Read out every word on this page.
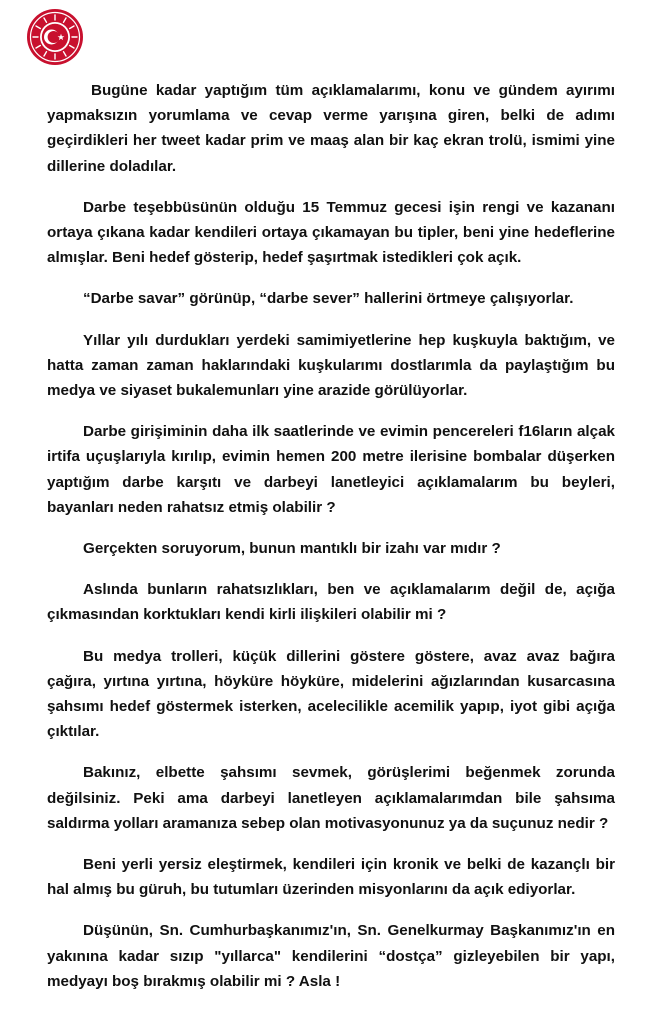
Bugüne kadar yaptığım tüm açıklamalarımı, konu ve gündem ayırımı yapmaksızın yorumlama ve cevap verme yarışına giren, belki de adımı geçirdikleri her tweet kadar prim ve maaş alan bir kaç ekran trolü, ismimi yine dillerine doladılar.

Darbe teşebbüsünün olduğu 15 Temmuz gecesi işin rengi ve kazananı ortaya çıkana kadar kendileri ortaya çıkamayan bu tipler, beni yine hedeflerine almışlar. Beni hedef gösterip, hedef şaşırtmak istedikleri çok açık.

“Darbe savar” görünüp, “darbe sever” hallerini örtmeye çalışıyorlar.

Yıllar yılı durdukları yerdeki samimiyetlerine hep kuşkuyla baktığım, ve hatta zaman zaman haklarındaki kuşkularımı dostlarımla da paylaştığım bu medya ve siyaset bukalemunları yine arazide görülüyorlar.

Darbe girişiminin daha ilk saatlerinde ve evimin pencereleri f16ların alçak irtifa uçuşlarıyla kırılıp, evimin hemen 200 metre ilerisine bombalar düşerken yaptığım darbe karşıtı ve darbeyi lanetleyici açıklamalarım bu beyleri, bayanları neden rahatsız etmiş olabilir ?

Gerçekten soruyorum, bunun mantıklı bir izahı var mıdır ?

Aslında bunların rahatsızlıkları, ben ve açıklamalarım değil de, açığa çıkmasından korktukları kendi kirli ilişkileri olabilir mi ?

Bu medya trolleri, küçük dillerini göstere göstere, avaz avaz bağıra çağıra, yırtına yırtına, höyküre höyküre, midelerini ağızlarından kusarcasına şahsımı hedef göstermek isterken, acelecilikle acemilik yapıp, iyot gibi açığa çıktılar.

Bakınız, elbette şahsımı sevmek, görüşlerimi beğenmek zorunda değilsiniz. Peki ama darbeyi lanetleyen açıklamalarımdan bile şahsıma saldırma yolları aramanıza sebep olan motivasyonunuz ya da suçunuz nedir ?

Beni yerli yersiz eleştirmek, kendileri için kronik ve belki de kazançlı bir hal almış bu güruh, bu tutumları üzerinden misyonlarını da açık ediyorlar.

Düşünün, Sn. Cumhurbaşkanımız'ın, Sn. Genelkurmay Başkanımız'ın en yakınına kadar sızıp "yıllarca" kendilerini “dostça” gizleyebilen bir yapı, medyayı boş bırakmış olabilir mi ? Asla !
